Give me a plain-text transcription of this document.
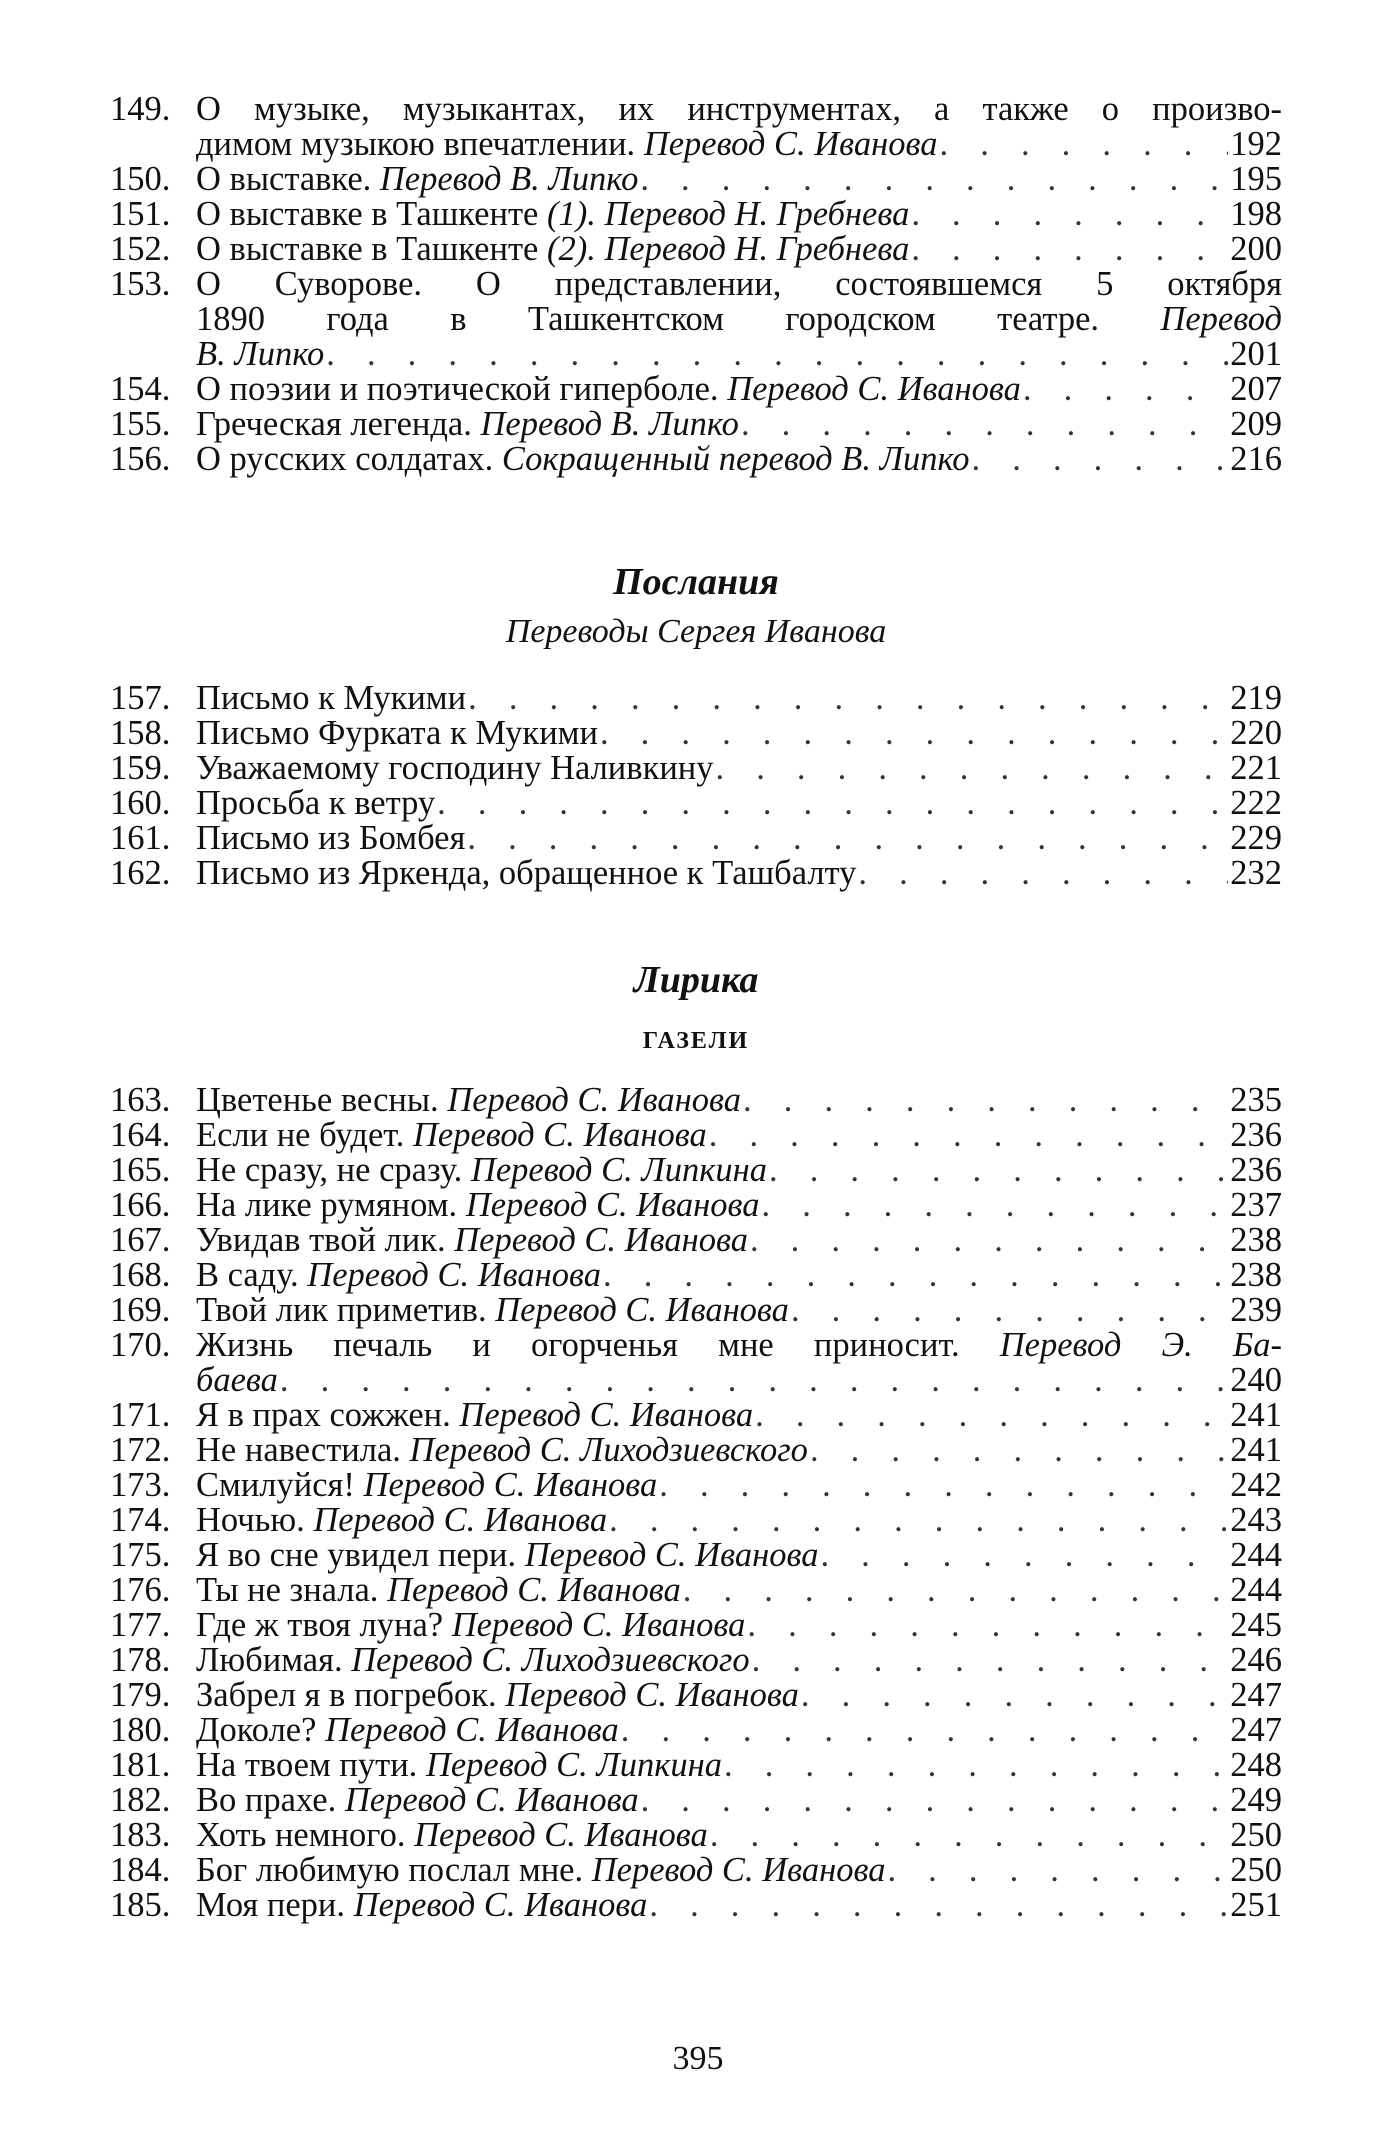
149. О музыке, музыкантах, их инструментах, а также о произво-
димом музыкою впечатлении. Перевод С. Иванова . . .	192
150. О выставке. Перевод В. Липко . . .	195
151. О выставке в Ташкенте (1). Перевод Н. Гребнева . . .	198
152. О выставке в Ташкенте (2). Перевод Н. Гребнева . . .	200
153. О Суворове. О представлении, состоявшемся 5 октября
1890 года в Ташкентском городском театре. Перевод
В. Липко . . .	201
154. О поэзии и поэтической гиперболе. Перевод С. Иванова . . .	207
155. Греческая легенда. Перевод В. Липко . . .	209
156. О русских солдатах. Сокращенный перевод В. Липко . . .	216
Послания
Переводы Сергея Иванова
157. Письмо к Мукими . . .	219
158. Письмо Фурката к Мукими . . .	220
159. Уважаемому господину Наливкину . . .	221
160. Просьба к ветру . . .	222
161. Письмо из Бомбея . . .	229
162. Письмо из Яркенда, обращенное к Ташбалту . . .	232
Лирика
ГАЗЕЛИ
163. Цветенье весны. Перевод С. Иванова . . .	235
164. Если не будет. Перевод С. Иванова . . .	236
165. Не сразу, не сразу. Перевод С. Липкина . . .	236
166. На лике румяном. Перевод С. Иванова . . .	237
167. Увидав твой лик. Перевод С. Иванова . . .	238
168. В саду. Перевод С. Иванова . . .	238
169. Твой лик приметив. Перевод С. Иванова . . .	239
170. Жизнь печаль и огорченья мне приносит. Перевод Э. Ба-
баева . . .	240
171. Я в прах сожжен. Перевод С. Иванова . . .	241
172. Не навестила. Перевод С. Лиходзиевского . . .	241
173. Смилуйся! Перевод С. Иванова . . .	242
174. Ночью. Перевод С. Иванова . . .	243
175. Я во сне увидел пери. Перевод С. Иванова . . .	244
176. Ты не знала. Перевод С. Иванова . . .	244
177. Где ж твоя луна? Перевод С. Иванова . . .	245
178. Любимая. Перевод С. Лиходзиевского . . .	246
179. Забрел я в погребок. Перевод С. Иванова . . .	247
180. Доколе? Перевод С. Иванова . . .	247
181. На твоем пути. Перевод С. Липкина . . .	248
182. Во прахе. Перевод С. Иванова . . .	249
183. Хоть немного. Перевод С. Иванова . . .	250
184. Бог любимую послал мне. Перевод С. Иванова . . .	250
185. Моя пери. Перевод С. Иванова . . .	251
395
